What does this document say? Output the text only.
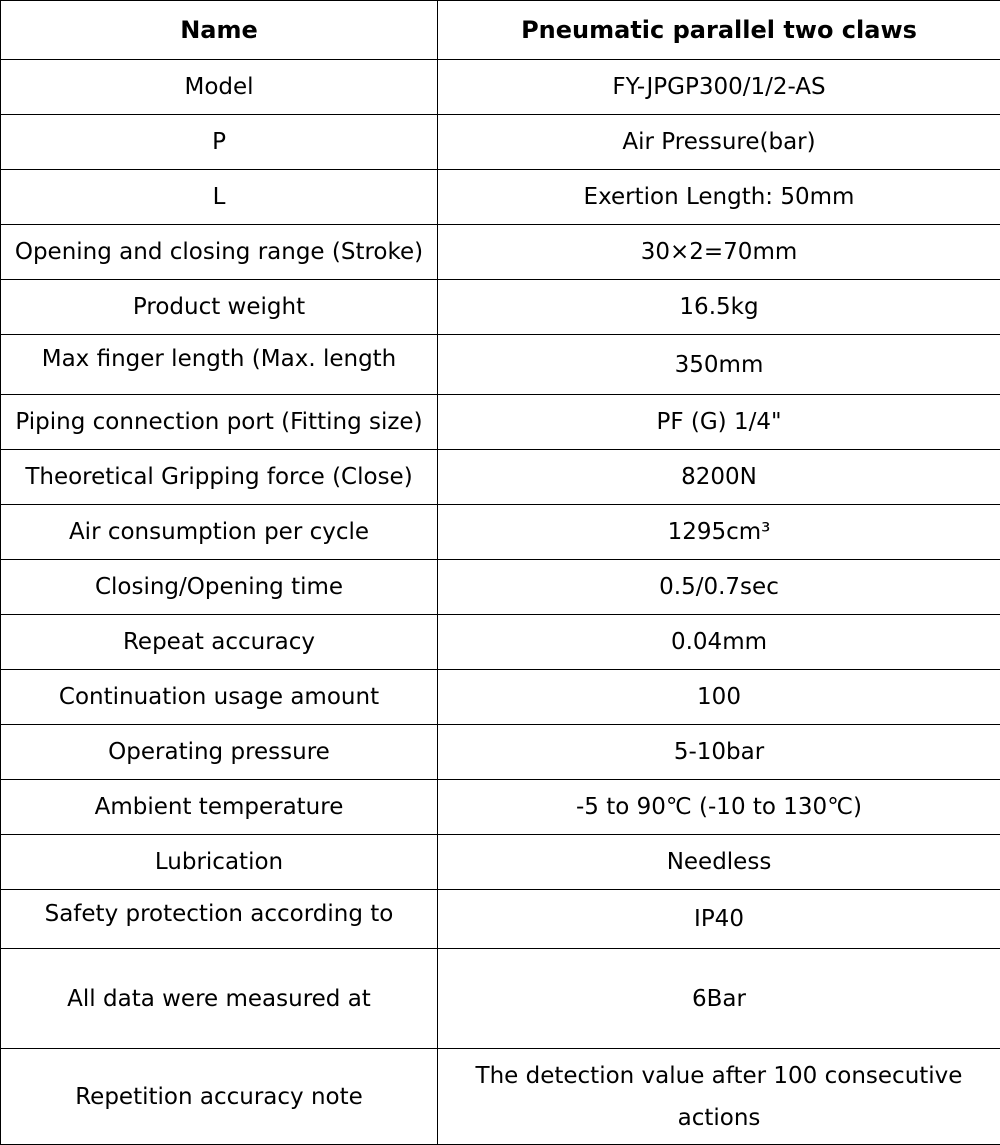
Name	Pneumatic parallel two claws
Model	FY-JPGP300/1/2-AS
P	Air Pressure(bar)
L	Exertion Length: 50mm
Opening and closing range (Stroke)	30×2=70mm
Product weight	16.5kg
Max finger length (Max. length	350mm
Piping connection port (Fitting size)	PF (G) 1/4"
Theoretical Gripping force (Close)	8200N
Air consumption per cycle	1295cm³
Closing/Opening time	0.5/0.7sec
Repeat accuracy	0.04mm
Continuation usage amount	100
Operating pressure	5-10bar
Ambient temperature	-5 to 90℃ (-10 to 130℃)
Lubrication	Needless
Safety protection according to	IP40
All data were measured at	6Bar
Repetition accuracy note	The detection value after 100 consecutive actions
